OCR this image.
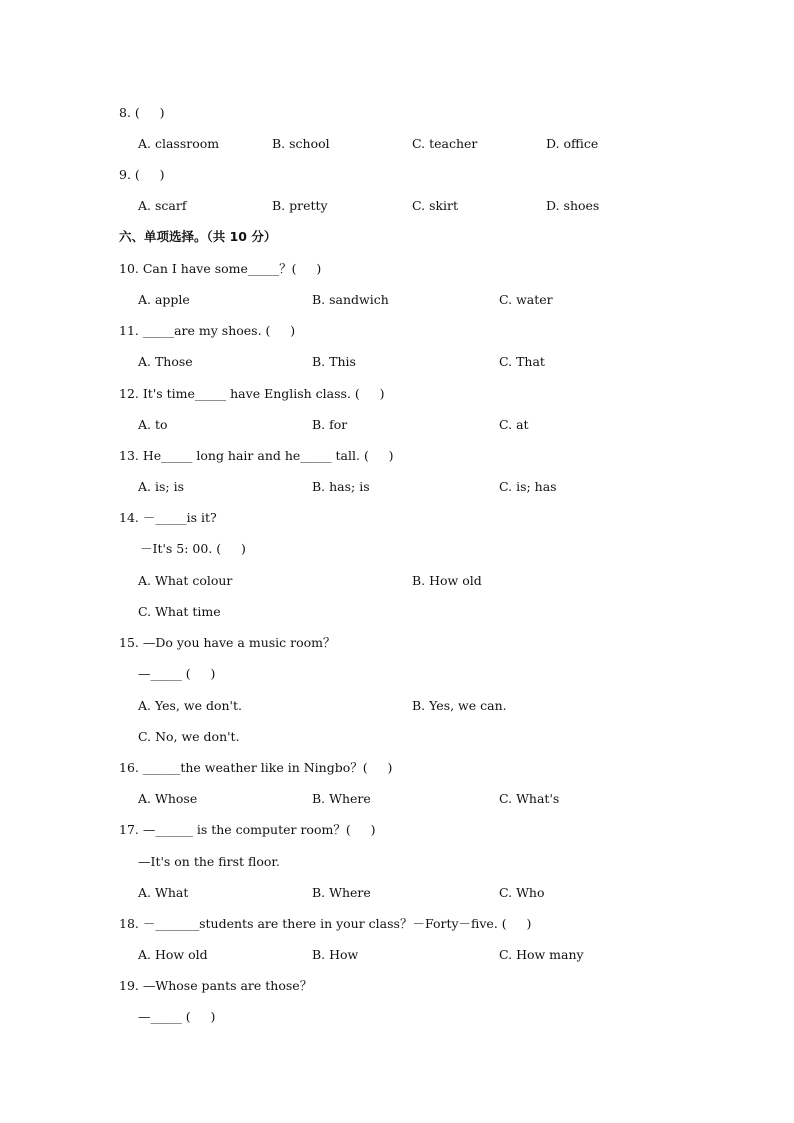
8. (     )
A. classroom	B. school	C. teacher	D. office
9. (     )
A. scarf	B. pretty	C. skirt	D. shoes
六、单项选择。（共 10 分）
10. Can I have some_____？(     )
A. apple	B. sandwich	C. water
11. _____are my shoes. (     )
A. Those	B. This	C. That
12. It's time_____ have English class. (     )
A. to	B. for	C. at
13. He_____ long hair and he_____ tall. (     )
A. is; is	B. has; is	C. is; has
14. －_____is it?
－It's 5: 00. (     )
A. What colour	B. How old
C. What time
15. —Do you have a music room？
—_____ (     )
A. Yes, we don't.	B. Yes, we can.
C. No, we don't.
16. ______the weather like in Ningbo？(     )
A. Whose	B. Where	C. What's
17. —______ is the computer room？(     )
—It's on the first floor.
A. What	B. Where	C. Who
18. －_______students are there in your class？－Forty－five. (     )
A. How old	B. How	C. How many
19. —Whose pants are those？
—_____ (     )
